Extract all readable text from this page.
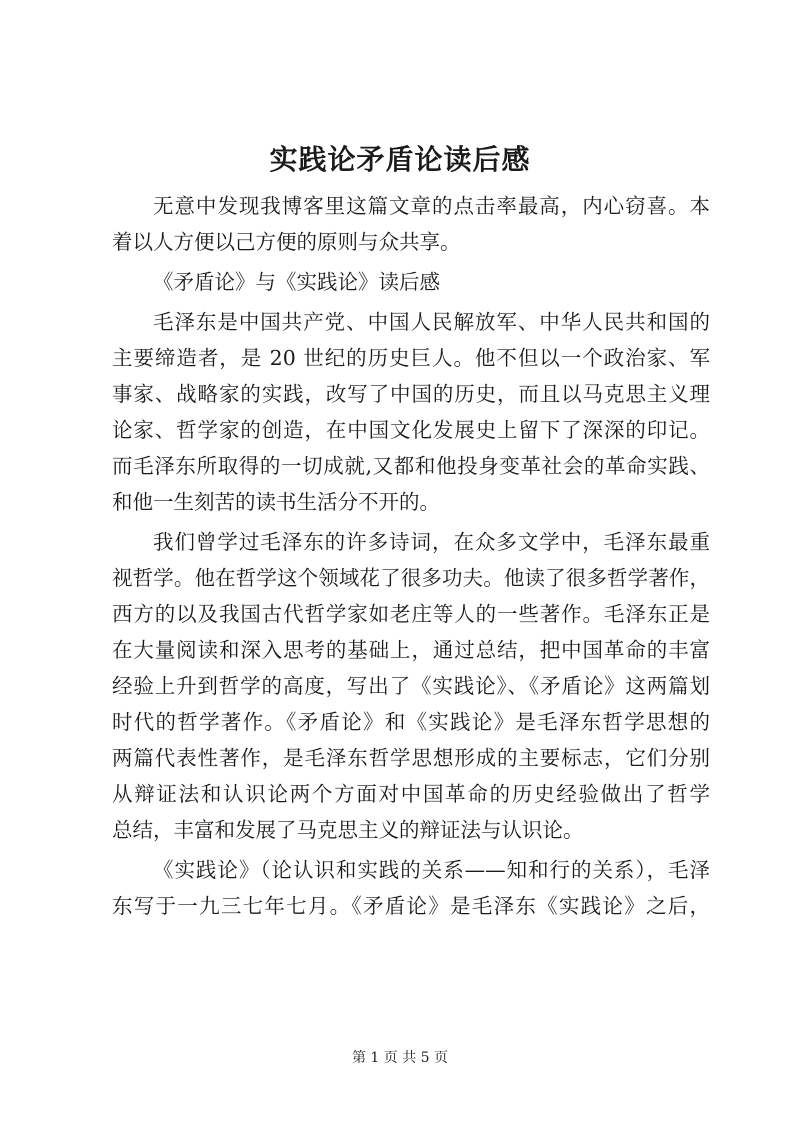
实践论矛盾论读后感
无意中发现我博客里这篇文章的点击率最高，内心窃喜。本
着以人方便以己方便的原则与众共享。
《矛盾论》与《实践论》读后感
毛泽东是中国共产党、中国人民解放军、中华人民共和国的
主要缔造者，是 20 世纪的历史巨人。他不但以一个政治家、军
事家、战略家的实践，改写了中国的历史，而且以马克思主义理
论家、哲学家的创造，在中国文化发展史上留下了深深的印记。
而毛泽东所取得的一切成就,又都和他投身变革社会的革命实践、
和他一生刻苦的读书生活分不开的。
我们曾学过毛泽东的许多诗词，在众多文学中，毛泽东最重
视哲学。他在哲学这个领域花了很多功夫。他读了很多哲学著作，
西方的以及我国古代哲学家如老庄等人的一些著作。毛泽东正是
在大量阅读和深入思考的基础上，通过总结，把中国革命的丰富
经验上升到哲学的高度，写出了《实践论》、《矛盾论》这两篇划
时代的哲学著作。《矛盾论》和《实践论》是毛泽东哲学思想的
两篇代表性著作，是毛泽东哲学思想形成的主要标志，它们分别
从辩证法和认识论两个方面对中国革命的历史经验做出了哲学
总结，丰富和发展了马克思主义的辩证法与认识论。
《实践论》（论认识和实践的关系——知和行的关系），毛泽
东写于一九三七年七月。《矛盾论》是毛泽东《实践论》之后，
第 1 页 共 5 页
